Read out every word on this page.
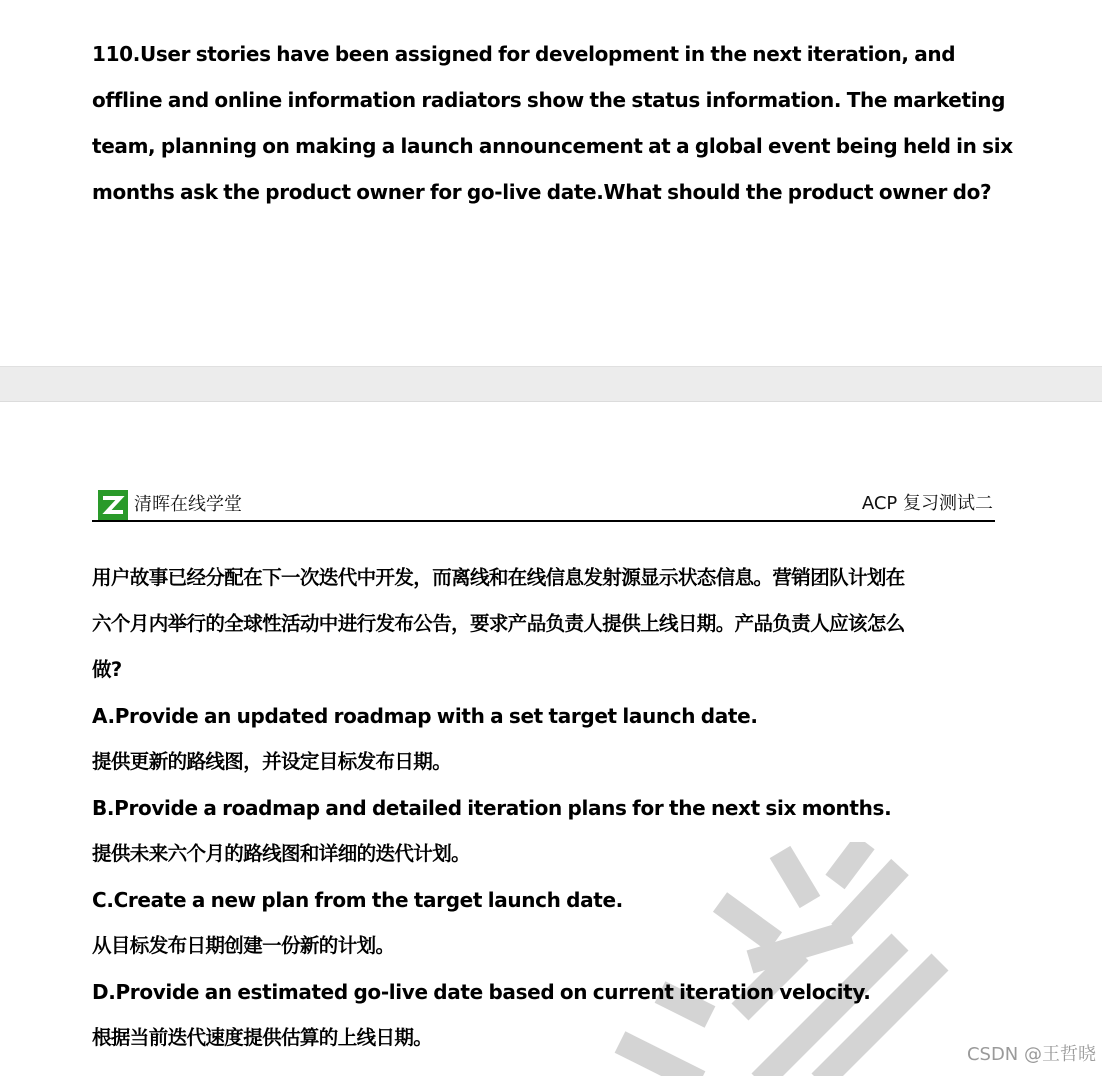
110.User stories have been assigned for development in the next iteration, and offline and online information radiators show the status information. The marketing team, planning on making a launch announcement at a global event being held in six months ask the product owner for go-live date.What should the product owner do?

清晖在线学堂	ACP 复习测试二

用户故事已经分配在下一次迭代中开发，而离线和在线信息发射源显示状态信息。营销团队计划在

六个月内举行的全球性活动中进行发布公告，要求产品负责人提供上线日期。产品负责人应该怎么

做?

A.Provide an updated roadmap with a set target launch date.

提供更新的路线图，并设定目标发布日期。

B.Provide a roadmap and detailed iteration plans for the next six months.

提供未来六个月的路线图和详细的迭代计划。

C.Create a new plan from the target launch date.

从目标发布日期创建一份新的计划。

D.Provide an estimated go-live date based on current iteration velocity.

根据当前迭代速度提供估算的上线日期。

CSDN @王哲晓
